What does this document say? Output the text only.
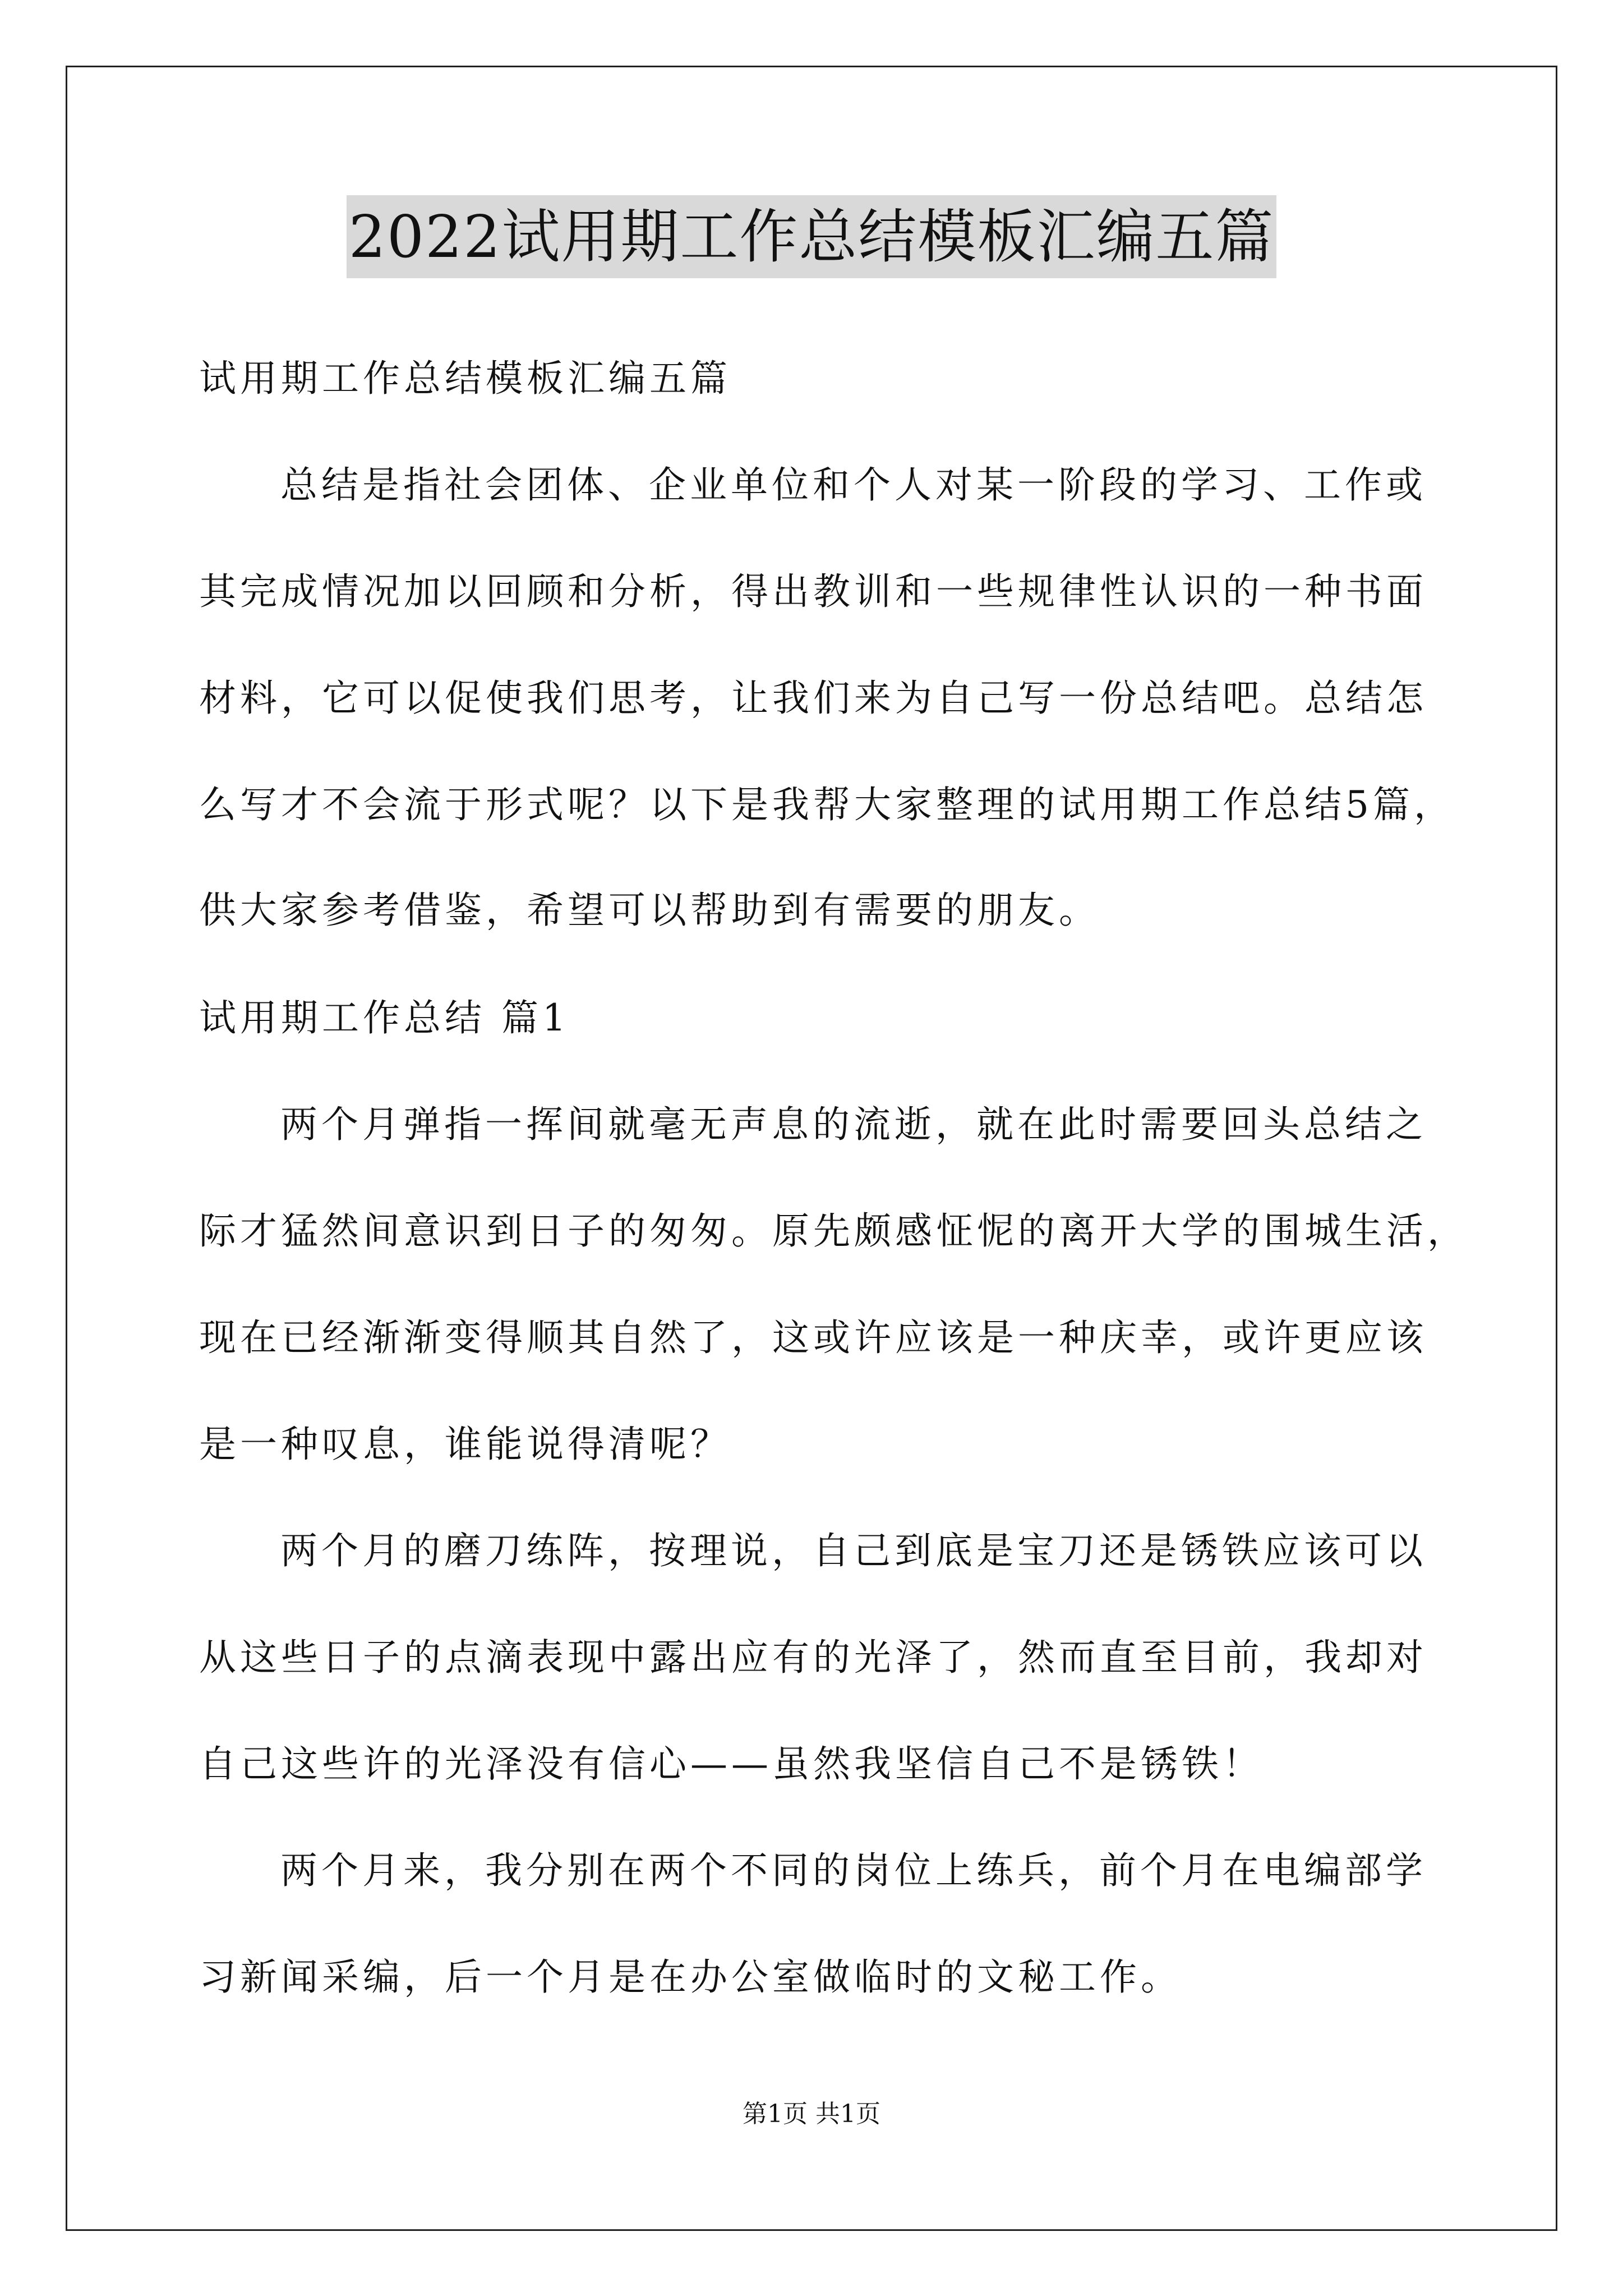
2022试用期工作总结模板汇编五篇
试用期工作总结模板汇编五篇
总结是指社会团体、企业单位和个人对某一阶段的学习、工作或
其完成情况加以回顾和分析，得出教训和一些规律性认识的一种书面
材料，它可以促使我们思考，让我们来为自己写一份总结吧。总结怎
么写才不会流于形式呢？以下是我帮大家整理的试用期工作总结5篇，
供大家参考借鉴，希望可以帮助到有需要的朋友。
试用期工作总结 篇1
两个月弹指一挥间就毫无声息的流逝，就在此时需要回头总结之
际才猛然间意识到日子的匆匆。原先颇感怔怩的离开大学的围城生活，
现在已经渐渐变得顺其自然了，这或许应该是一种庆幸，或许更应该
是一种叹息，谁能说得清呢？
两个月的磨刀练阵，按理说，自己到底是宝刀还是锈铁应该可以
从这些日子的点滴表现中露出应有的光泽了，然而直至目前，我却对
自己这些许的光泽没有信心——虽然我坚信自己不是锈铁！
两个月来，我分别在两个不同的岗位上练兵，前个月在电编部学
习新闻采编，后一个月是在办公室做临时的文秘工作。
第1页 共1页
